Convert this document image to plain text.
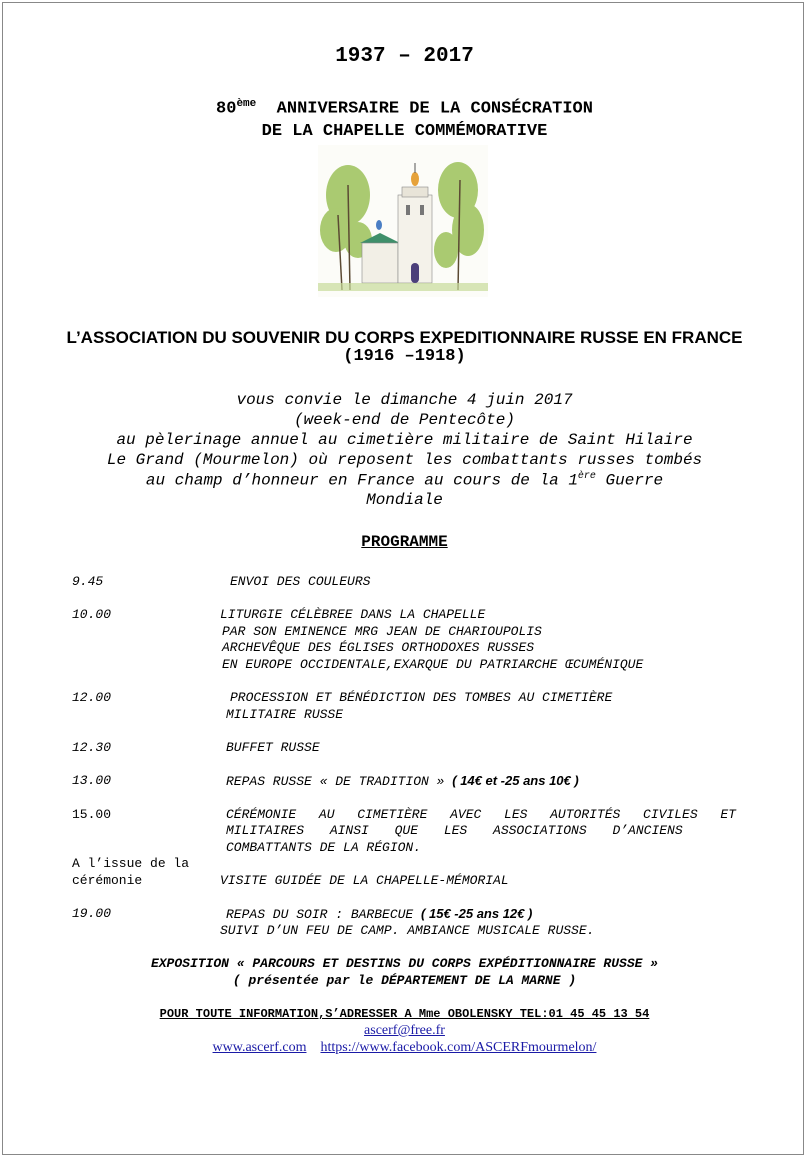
1937 – 2017
80ème ANNIVERSAIRE DE LA CONSÉCRATION
DE LA CHAPELLE COMMÉMORATIVE
L’ASSOCIATION DU SOUVENIR DU CORPS EXPEDITIONNAIRE RUSSE EN FRANCE
(1916 –1918)
vous convie le dimanche 4 juin 2017
(week-end de Pentecôte)
au pèlerinage annuel au cimetière militaire de Saint Hilaire
Le Grand (Mourmelon) où reposent les combattants russes tombés
au champ d’honneur en France au cours de la 1ère Guerre
Mondiale
PROGRAMME
9.45	ENVOI DES COULEURS
10.00	LITURGIE CÉLÈBREE DANS LA CHAPELLE
PAR SON EMINENCE MRG JEAN DE CHARIOUPOLIS
ARCHEVÊQUE DES ÉGLISES ORTHODOXES RUSSES
EN EUROPE OCCIDENTALE,EXARQUE DU PATRIARCHE ŒCUMÉNIQUE
12.00	PROCESSION ET BÉNÉDICTION DES TOMBES AU CIMETIÈRE
MILITAIRE RUSSE
12.30	BUFFET RUSSE
13.00	REPAS RUSSE « DE TRADITION » ( 14€ et -25 ans 10€ )
15.00	CÉRÉMONIE AU CIMETIÈRE AVEC LES AUTORITÉS CIVILES ET
MILITAIRES AINSI QUE LES ASSOCIATIONS D’ANCIENS
COMBATTANTS DE LA RÉGION.
A l’issue de la
cérémonie	VISITE GUIDÉE DE LA CHAPELLE-MÉMORIAL
19.00	REPAS DU SOIR : BARBECUE ( 15€ -25 ans 12€ )
SUIVI D’UN FEU DE CAMP. AMBIANCE MUSICALE RUSSE.
EXPOSITION « PARCOURS ET DESTINS DU CORPS EXPÉDITIONNAIRE RUSSE »
( présentée par le DÉPARTEMENT DE LA MARNE )
POUR TOUTE INFORMATION,S’ADRESSER A Mme OBOLENSKY TEL:01 45 45 13 54
ascerf@free.fr
www.ascerf.com https://www.facebook.com/ASCERFmourmelon/
